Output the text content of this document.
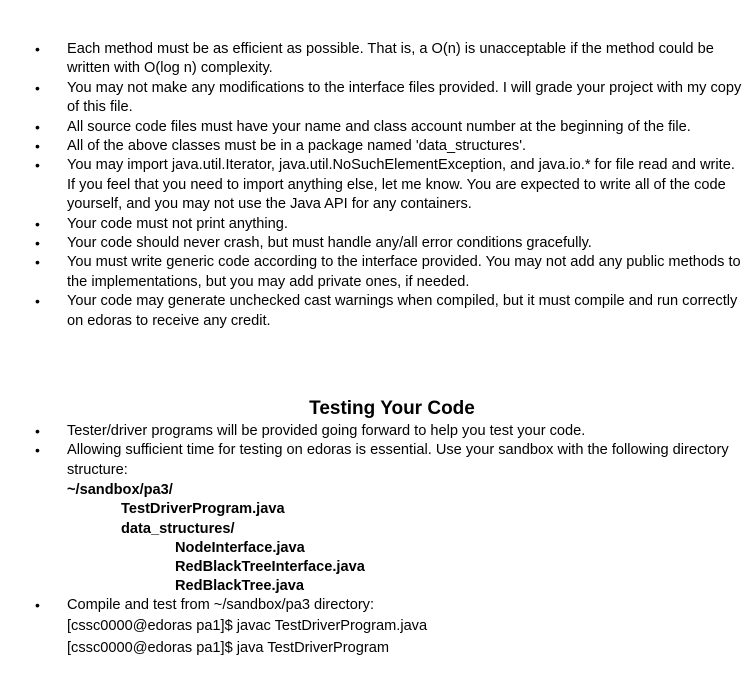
• Each method must be as efficient as possible. That is, a O(n) is unacceptable if the method could be written with O(log n) complexity.
• You may not make any modifications to the interface files provided. I will grade your project with my copy of this file.
• All source code files must have your name and class account number at the beginning of the file.
• All of the above classes must be in a package named 'data_structures'.
• You may import java.util.Iterator, java.util.NoSuchElementException, and java.io.* for file read and write. If you feel that you need to import anything else, let me know. You are expected to write all of the code yourself, and you may not use the Java API for any containers.
• Your code must not print anything.
• Your code should never crash, but must handle any/all error conditions gracefully.
• You must write generic code according to the interface provided. You may not add any public methods to the implementations, but you may add private ones, if needed.
• Your code may generate unchecked cast warnings when compiled, but it must compile and run correctly on edoras to receive any credit.
Testing Your Code
• Tester/driver programs will be provided going forward to help you test your code.
• Allowing sufficient time for testing on edoras is essential. Use your sandbox with the following directory structure:
~/sandbox/pa3/
TestDriverProgram.java
data_structures/
NodeInterface.java
RedBlackTreeInterface.java
RedBlackTree.java
• Compile and test from ~/sandbox/pa3 directory:
[cssc0000@edoras pa1]$ javac TestDriverProgram.java
[cssc0000@edoras pa1]$ java TestDriverProgram
